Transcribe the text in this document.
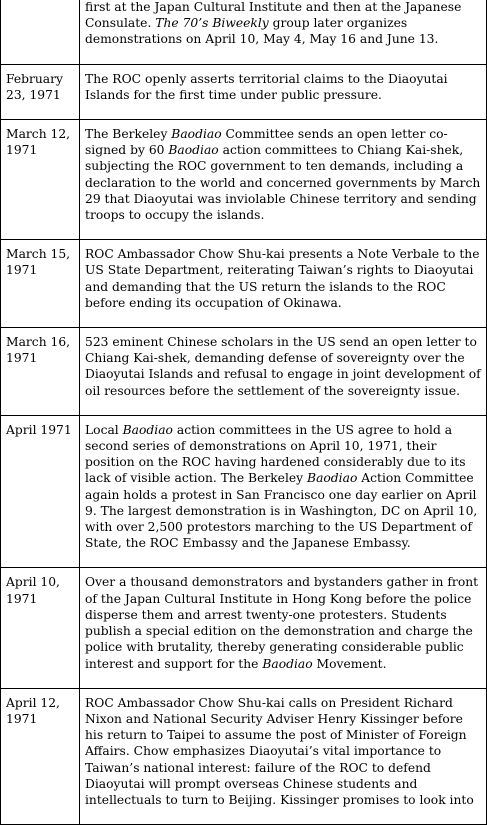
	first at the Japan Cultural Institute and then at the Japanese Consulate. The 70’s Biweekly group later organizes demonstrations on April 10, May 4, May 16 and June 13.
February 23, 1971	The ROC openly asserts territorial claims to the Diaoyutai Islands for the first time under public pressure.
March 12, 1971	The Berkeley Baodiao Committee sends an open letter co-signed by 60 Baodiao action committees to Chiang Kai-shek, subjecting the ROC government to ten demands, including a declaration to the world and concerned governments by March 29 that Diaoyutai was inviolable Chinese territory and sending troops to occupy the islands.
March 15, 1971	ROC Ambassador Chow Shu-kai presents a Note Verbale to the US State Department, reiterating Taiwan’s rights to Diaoyutai and demanding that the US return the islands to the ROC before ending its occupation of Okinawa.
March 16, 1971	523 eminent Chinese scholars in the US send an open letter to Chiang Kai-shek, demanding defense of sovereignty over the Diaoyutai Islands and refusal to engage in joint development of oil resources before the settlement of the sovereignty issue.
April 1971	Local Baodiao action committees in the US agree to hold a second series of demonstrations on April 10, 1971, their position on the ROC having hardened considerably due to its lack of visible action. The Berkeley Baodiao Action Committee again holds a protest in San Francisco one day earlier on April 9. The largest demonstration is in Washington, DC on April 10, with over 2,500 protestors marching to the US Department of State, the ROC Embassy and the Japanese Embassy.
April 10, 1971	Over a thousand demonstrators and bystanders gather in front of the Japan Cultural Institute in Hong Kong before the police disperse them and arrest twenty-one protesters. Students publish a special edition on the demonstration and charge the police with brutality, thereby generating considerable public interest and support for the Baodiao Movement.
April 12, 1971	ROC Ambassador Chow Shu-kai calls on President Richard Nixon and National Security Adviser Henry Kissinger before his return to Taipei to assume the post of Minister of Foreign Affairs. Chow emphasizes Diaoyutai’s vital importance to Taiwan’s national interest: failure of the ROC to defend Diaoyutai will prompt overseas Chinese students and intellectuals to turn to Beijing. Kissinger promises to look into
